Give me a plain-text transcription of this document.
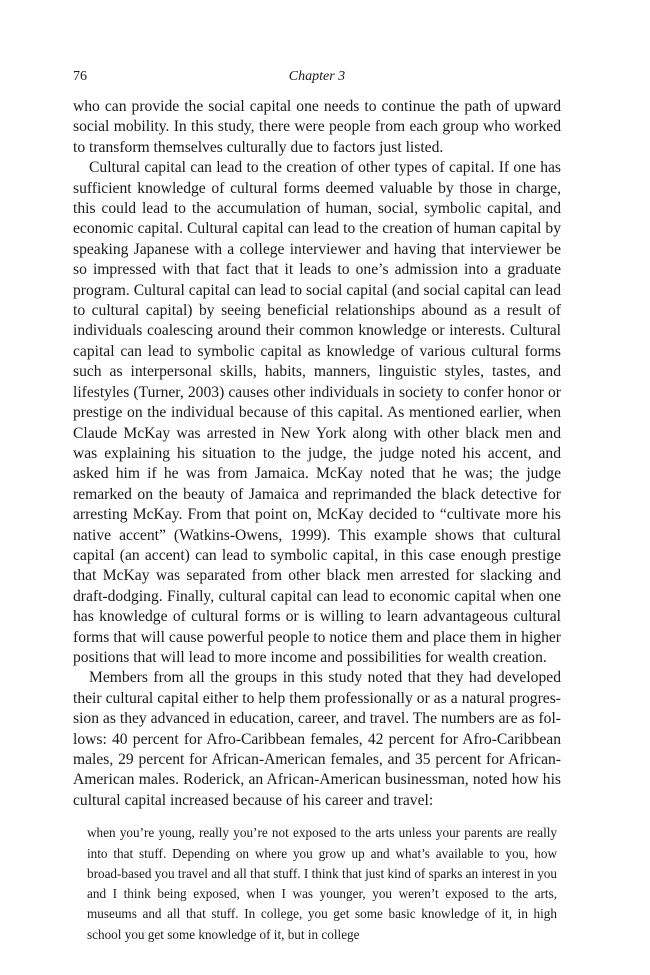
76	Chapter 3

who can provide the social capital one needs to continue the path of upward social mobility. In this study, there were people from each group who worked to transform themselves culturally due to factors just listed.

Cultural capital can lead to the creation of other types of capital. If one has sufficient knowledge of cultural forms deemed valuable by those in charge, this could lead to the accumulation of human, social, symbolic capital, and economic capital. Cultural capital can lead to the creation of human capital by speaking Japanese with a college interviewer and having that interviewer be so impressed with that fact that it leads to one’s admission into a graduate program. Cultural capital can lead to social capital (and social capital can lead to cultural capital) by seeing beneficial relationships abound as a result of individuals coalescing around their common knowledge or interests. Cultural capital can lead to symbolic capital as knowledge of various cultural forms such as interpersonal skills, habits, manners, linguistic styles, tastes, and lifestyles (Turner, 2003) causes other individuals in society to confer honor or prestige on the individual because of this capital. As mentioned earlier, when Claude McKay was arrested in New York along with other black men and was explaining his situation to the judge, the judge noted his accent, and asked him if he was from Jamaica. McKay noted that he was; the judge remarked on the beauty of Jamaica and reprimanded the black detective for arresting McKay. From that point on, McKay decided to “cultivate more his native accent” (Watkins-Owens, 1999). This example shows that cultural capital (an accent) can lead to symbolic capital, in this case enough prestige that McKay was separated from other black men arrested for slacking and draft-dodging. Finally, cultural capital can lead to economic capital when one has knowledge of cultural forms or is willing to learn advantageous cultural forms that will cause powerful people to notice them and place them in higher positions that will lead to more income and possibilities for wealth creation.

Members from all the groups in this study noted that they had developed their cultural capital either to help them professionally or as a natural progression as they advanced in education, career, and travel. The numbers are as follows: 40 percent for Afro-Caribbean females, 42 percent for Afro-Caribbean males, 29 percent for African-American females, and 35 percent for African-American males. Roderick, an African-American businessman, noted how his cultural capital increased because of his career and travel:

when you’re young, really you’re not exposed to the arts unless your parents are really into that stuff. Depending on where you grow up and what’s available to you, how broad-based you travel and all that stuff. I think that just kind of sparks an interest in you and I think being exposed, when I was younger, you weren’t exposed to the arts, museums and all that stuff. In college, you get some basic knowledge of it, in high school you get some knowledge of it, but in college
